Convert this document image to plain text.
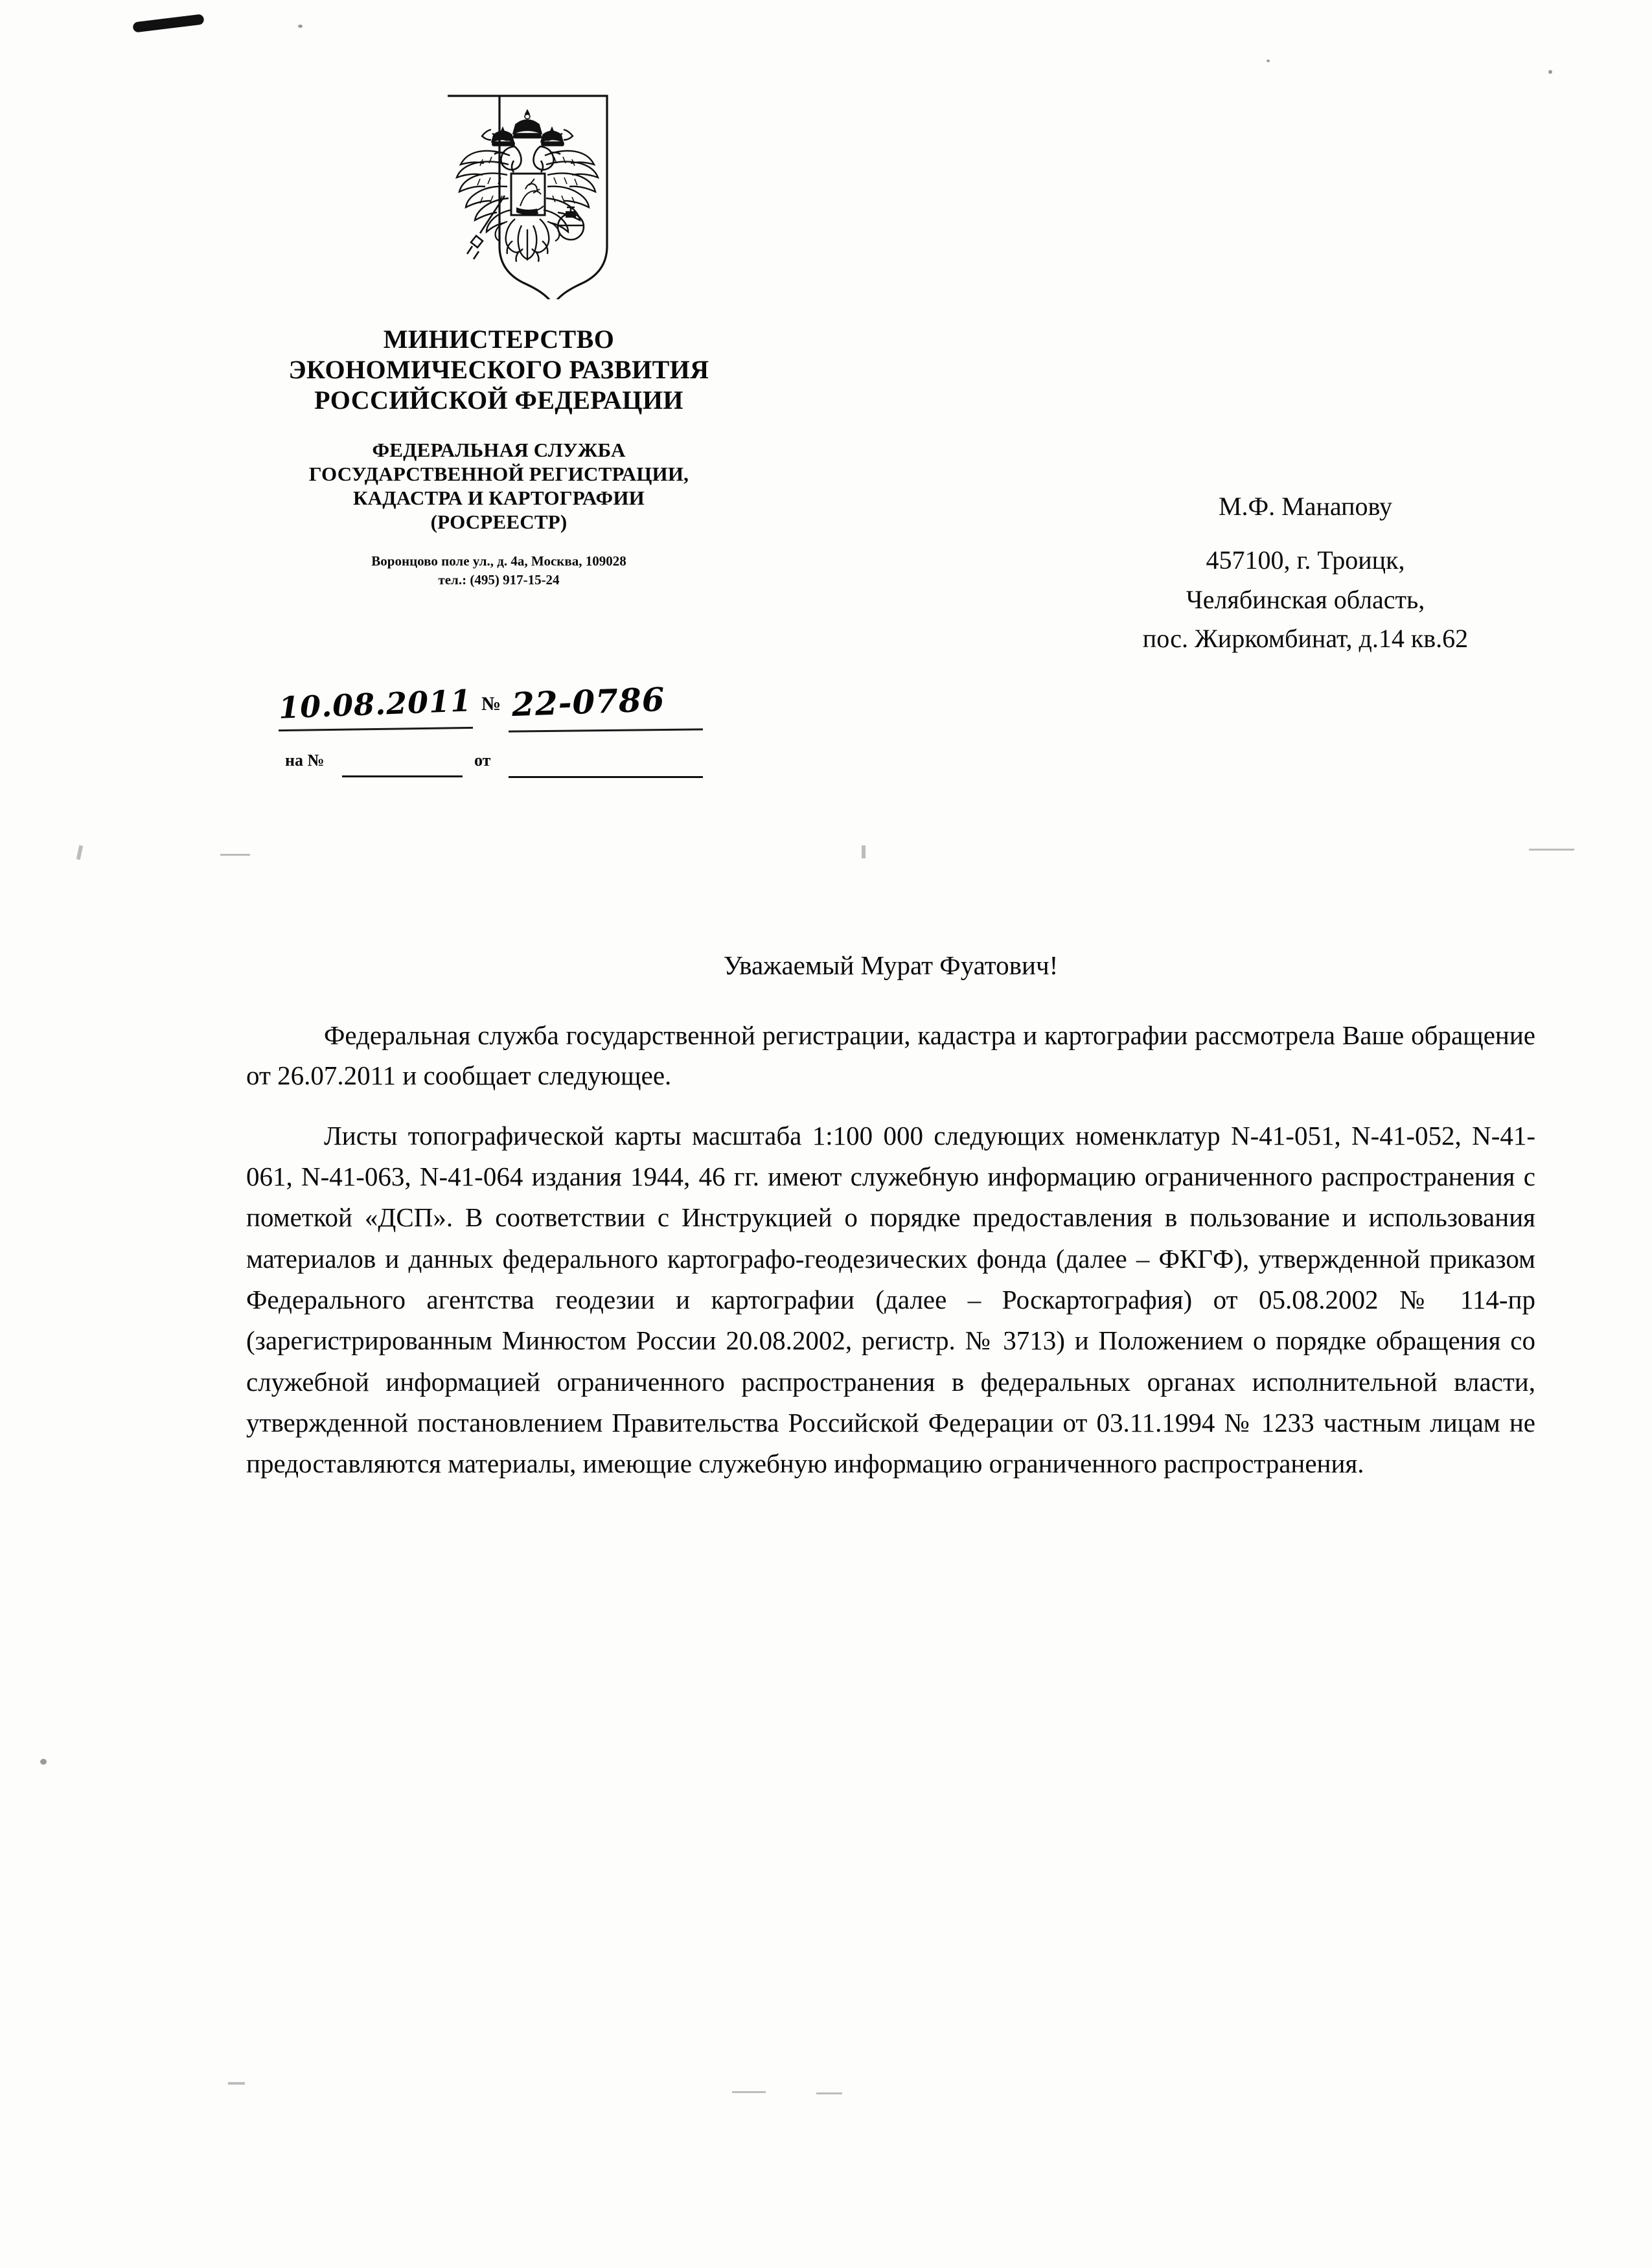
МИНИСТЕРСТВО
ЭКОНОМИЧЕСКОГО РАЗВИТИЯ
РОССИЙСКОЙ ФЕДЕРАЦИИ
ФЕДЕРАЛЬНАЯ СЛУЖБА
ГОСУДАРСТВЕННОЙ РЕГИСТРАЦИИ,
КАДАСТРА И КАРТОГРАФИИ
(РОСРЕЕСТР)
Воронцово поле ул., д. 4а, Москва, 109028
тел.: (495) 917-15-24
10.08.2011 № 22-0786
на №	от
М.Ф. Манапову
457100, г. Троицк,
Челябинская область,
пос. Жиркомбинат, д.14 кв.62
Уважаемый Мурат Фуатович!
Федеральная служба государственной регистрации, кадастра и картографии рассмотрела Ваше обращение от 26.07.2011 и сообщает следующее.
Листы топографической карты масштаба 1:100 000 следующих номенклатур N-41-051, N-41-052, N-41-061, N-41-063, N-41-064 издания 1944, 46 гг. имеют служебную информацию ограниченного распространения с пометкой «ДСП». В соответствии с Инструкцией о порядке предоставления в пользование и использования материалов и данных федерального картографо-геодезических фонда (далее – ФКГФ), утвержденной приказом Федерального агентства геодезии и картографии (далее – Роскартография) от 05.08.2002 № 114-пр (зарегистрированным Минюстом России 20.08.2002, регистр. № 3713) и Положением о порядке обращения со служебной информацией ограниченного распространения в федеральных органах исполнительной власти, утвержденной постановлением Правительства Российской Федерации от 03.11.1994 № 1233 частным лицам не предоставляются материалы, имеющие служебную информацию ограниченного распространения.
